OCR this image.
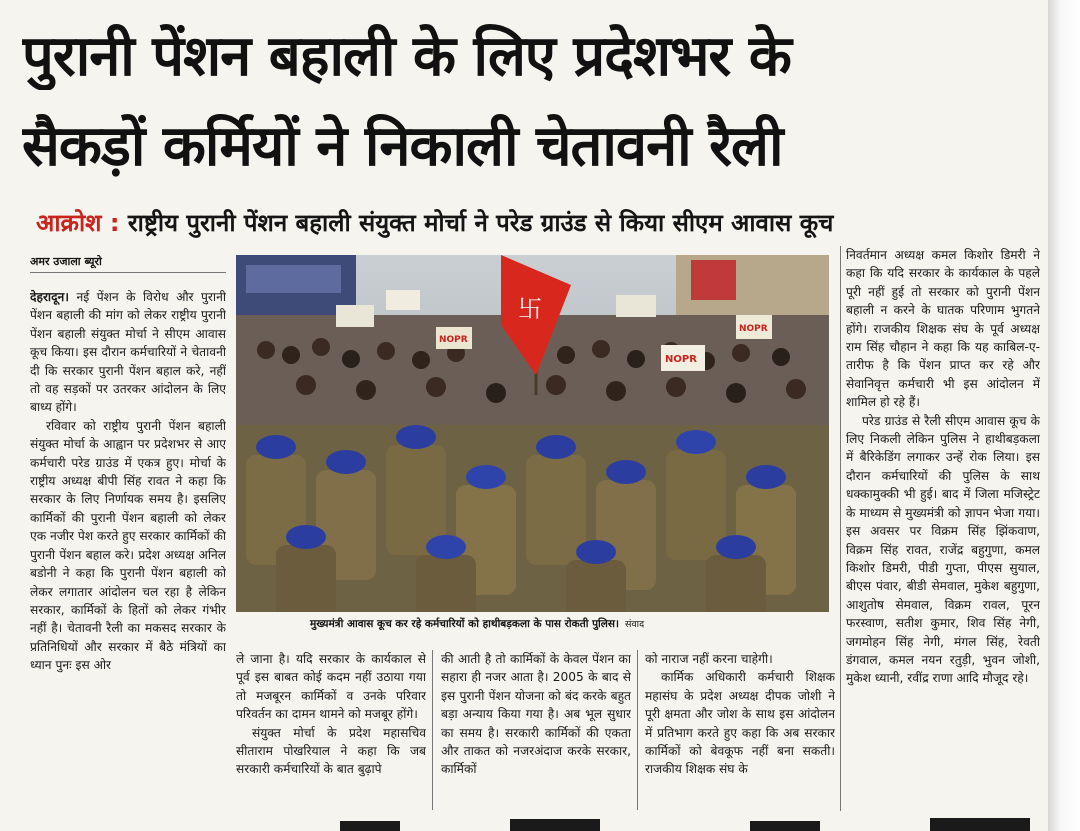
पुरानी पेंशन बहाली के लिए प्रदेशभर के
सैकड़ों कर्मियों ने निकाली चेतावनी रैली
आक्रोश : राष्ट्रीय पुरानी पेंशन बहाली संयुक्त मोर्चा ने परेड ग्राउंड से किया सीएम आवास कूच
अमर उजाला ब्यूरो

देहरादून। नई पेंशन के विरोध और पुरानी पेंशन बहाली की मांग को लेकर राष्ट्रीय पुरानी पेंशन बहाली संयुक्त मोर्चा ने सीएम आवास कूच किया। इस दौरान कर्मचारियों ने चेतावनी दी कि सरकार पुरानी पेंशन बहाल करे, नहीं तो वह सड़कों पर उतरकर आंदोलन के लिए बाध्य होंगे।

रविवार को राष्ट्रीय पुरानी पेंशन बहाली संयुक्त मोर्चा के आह्वान पर प्रदेशभर से आए कर्मचारी परेड ग्राउंड में एकत्र हुए। मोर्चा के राष्ट्रीय अध्यक्ष बीपी सिंह रावत ने कहा कि सरकार के लिए निर्णायक समय है। इसलिए कार्मिकों की पुरानी पेंशन बहाली को लेकर एक नजीर पेश करते हुए सरकार कार्मिकों की पुरानी पेंशन बहाल करे। प्रदेश अध्यक्ष अनिल बडोनी ने कहा कि पुरानी पेंशन बहाली को लेकर लगातार आंदोलन चल रहा है लेकिन सरकार, कार्मिकों के हितों को लेकर गंभीर नहीं है। चेतावनी रैली का मकसद सरकार के प्रतिनिधियों और सरकार में बैठे मंत्रियों का ध्यान पुनः इस ओर

NOPR
NOPR
NOPR
卐
मुख्यमंत्री आवास कूच कर रहे कर्मचारियों को हाथीबड़कला के पास रोकती पुलिस। संवाद

ले जाना है। यदि सरकार के कार्यकाल से पूर्व इस बाबत कोई कदम नहीं उठाया गया तो मजबूरन कार्मिकों व उनके परिवार परिवर्तन का दामन थामने को मजबूर होंगे।

संयुक्त मोर्चा के प्रदेश महासचिव सीताराम पोखरियाल ने कहा कि जब सरकारी कर्मचारियों के बात बुढ़ापे

की आती है तो कार्मिकों के केवल पेंशन का सहारा ही नजर आता है। 2005 के बाद से इस पुरानी पेंशन योजना को बंद करके बहुत बड़ा अन्याय किया गया है। अब भूल सुधार का समय है। सरकारी कार्मिकों की एकता और ताकत को नजरअंदाज करके सरकार, कार्मिकों

को नाराज नहीं करना चाहेगी।

कार्मिक अधिकारी कर्मचारी शिक्षक महासंघ के प्रदेश अध्यक्ष दीपक जोशी ने पूरी क्षमता और जोश के साथ इस आंदोलन में प्रतिभाग करते हुए कहा कि अब सरकार कार्मिकों को बेवकूफ नहीं बना सकती। राजकीय शिक्षक संघ के

निवर्तमान अध्यक्ष कमल किशोर डिमरी ने कहा कि यदि सरकार के कार्यकाल के पहले पूरी नहीं हुई तो सरकार को पुरानी पेंशन बहाली न करने के घातक परिणाम भुगतने होंगे। राजकीय शिक्षक संघ के पूर्व अध्यक्ष राम सिंह चौहान ने कहा कि यह काबिल-ए-तारीफ है कि पेंशन प्राप्त कर रहे और सेवानिवृत्त कर्मचारी भी इस आंदोलन में शामिल हो रहे हैं।

परेड ग्राउंड से रैली सीएम आवास कूच के लिए निकली लेकिन पुलिस ने हाथीबड़कला में बैरिकेडिंग लगाकर उन्हें रोक लिया। इस दौरान कर्मचारियों की पुलिस के साथ धक्कामुक्की भी हुई। बाद में जिला मजिस्ट्रेट के माध्यम से मुख्यमंत्री को ज्ञापन भेजा गया। इस अवसर पर विक्रम सिंह झिंकवाण, विक्रम सिंह रावत, राजेंद्र बहुगुणा, कमल किशोर डिमरी, पीडी गुप्ता, पीएस सुयाल, बीएस पंवार, बीडी सेमवाल, मुकेश बहुगुणा, आशुतोष सेमवाल, विक्रम रावल, पूरन फरस्वाण, सतीश कुमार, शिव सिंह नेगी, जगमोहन सिंह नेगी, मंगल सिंह, रेवती डंगवाल, कमल नयन रतुड़ी, भुवन जोशी, मुकेश ध्यानी, रवींद्र राणा आदि मौजूद रहे।
